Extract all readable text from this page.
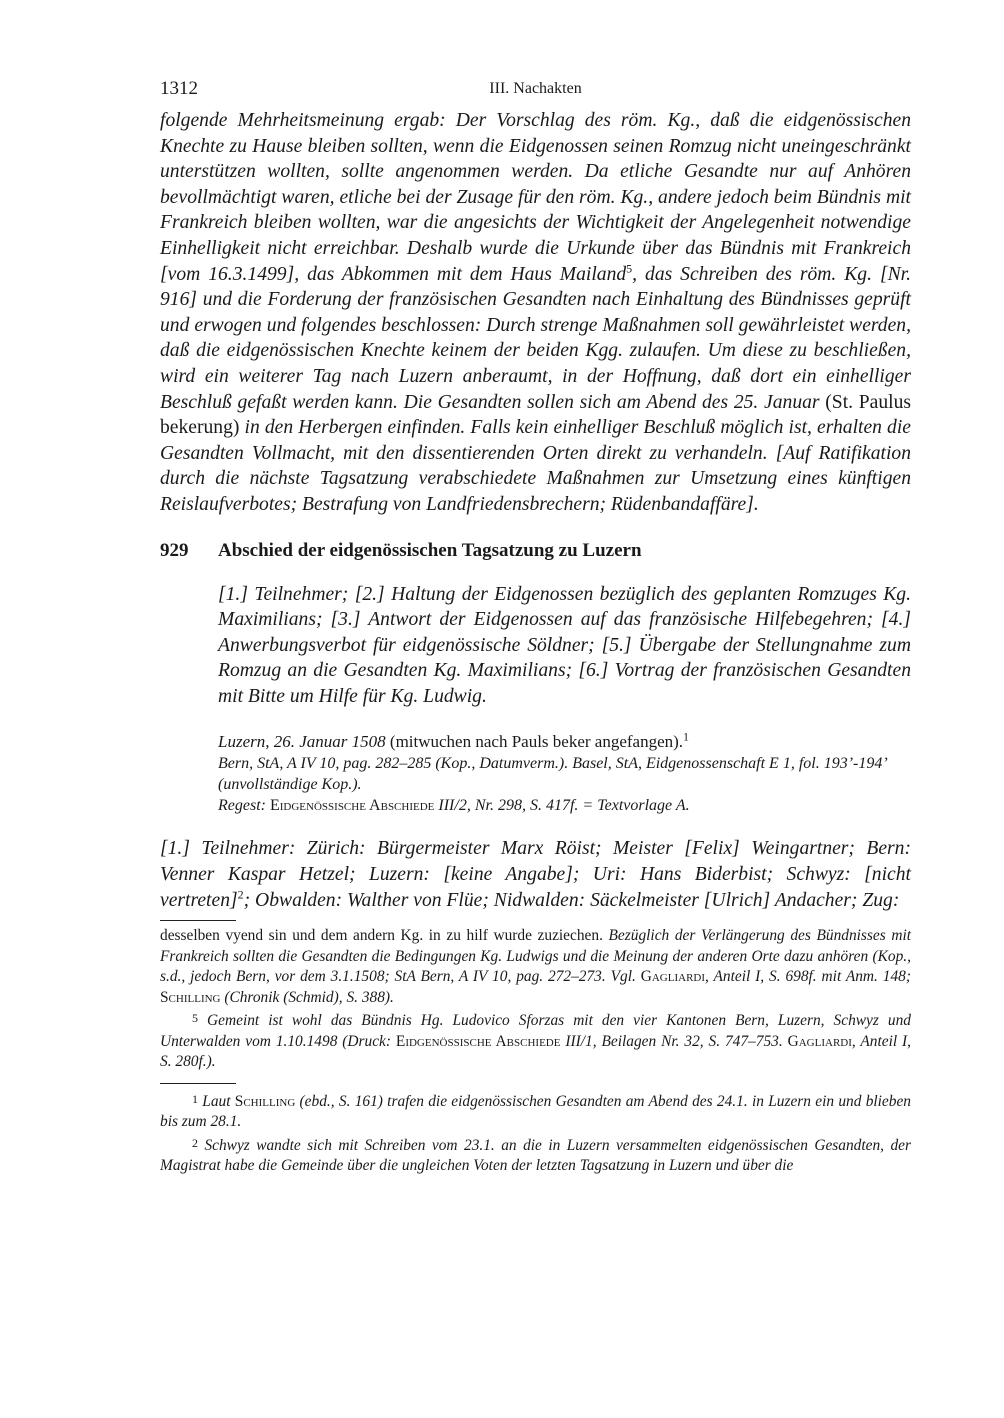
1312	III. Nachakten

folgende Mehrheitsmeinung ergab: Der Vorschlag des röm. Kg., daß die eidgenössischen Knechte zu Hause bleiben sollten, wenn die Eidgenossen seinen Romzug nicht uneingeschränkt unterstützen wollten, sollte angenommen werden. Da etliche Gesandte nur auf Anhören bevollmächtigt waren, etliche bei der Zusage für den röm. Kg., andere jedoch beim Bündnis mit Frankreich bleiben wollten, war die angesichts der Wichtigkeit der Angelegenheit notwendige Einhelligkeit nicht erreichbar. Deshalb wurde die Urkunde über das Bündnis mit Frankreich [vom 16.3.1499], das Abkommen mit dem Haus Mailand$^5$, das Schreiben des röm. Kg. [Nr. 916] und die Forderung der französischen Gesandten nach Einhaltung des Bündnisses geprüft und erwogen und folgendes beschlossen: Durch strenge Maßnahmen soll gewährleistet werden, daß die eidgenössischen Knechte keinem der beiden Kgg. zulaufen. Um diese zu beschließen, wird ein weiterer Tag nach Luzern anberaumt, in der Hoffnung, daß dort ein einhelliger Beschluß gefaßt werden kann. Die Gesandten sollen sich am Abend des 25. Januar (St. Paulus bekerung) in den Herbergen einfinden. Falls kein einhelliger Beschluß möglich ist, erhalten die Gesandten Vollmacht, mit den dissentierenden Orten direkt zu verhandeln. [Auf Ratifikation durch die nächste Tagsatzung verabschiedete Maßnahmen zur Umsetzung eines künftigen Reislaufverbotes; Bestrafung von Landfriedensbrechern; Rüdenbandaffäre].

929	Abschied der eidgenössischen Tagsatzung zu Luzern

[1.] Teilnehmer; [2.] Haltung der Eidgenossen bezüglich des geplanten Romzuges Kg. Maximilians; [3.] Antwort der Eidgenossen auf das französische Hilfebegehren; [4.] Anwerbungsverbot für eidgenössische Söldner; [5.] Übergabe der Stellungnahme zum Romzug an die Gesandten Kg. Maximilians; [6.] Vortrag der französischen Gesandten mit Bitte um Hilfe für Kg. Ludwig.

Luzern, 26. Januar 1508 (mitwuchen nach Pauls beker angefangen).$^1$
Bern, StA, A IV 10, pag. 282–285 (Kop., Datumverm.). Basel, StA, Eidgenossenschaft E 1, fol. 193’-194’ (unvollständige Kop.).
Regest: Eidgenössische Abschiede III/2, Nr. 298, S. 417f. = Textvorlage A.

[1.] Teilnehmer: Zürich: Bürgermeister Marx Röist; Meister [Felix] Weingartner; Bern: Venner Kaspar Hetzel; Luzern: [keine Angabe]; Uri: Hans Biderbist; Schwyz: [nicht vertreten]$^2$; Obwalden: Walther von Flüe; Nidwalden: Säckelmeister [Ulrich] Andacher; Zug:

desselben vyend sin und dem andern Kg. in zu hilf wurde zuziechen. Bezüglich der Verlängerung des Bündnisses mit Frankreich sollten die Gesandten die Bedingungen Kg. Ludwigs und die Meinung der anderen Orte dazu anhören (Kop., s.d., jedoch Bern, vor dem 3.1.1508; StA Bern, A IV 10, pag. 272–273. Vgl. Gagliardi, Anteil I, S. 698f. mit Anm. 148; Schilling (Chronik (Schmid), S. 388).

5 Gemeint ist wohl das Bündnis Hg. Ludovico Sforzas mit den vier Kantonen Bern, Luzern, Schwyz und Unterwalden vom 1.10.1498 (Druck: Eidgenössische Abschiede III/1, Beilagen Nr. 32, S. 747–753. Gagliardi, Anteil I, S. 280f.).

1 Laut Schilling (ebd., S. 161) trafen die eidgenössischen Gesandten am Abend des 24.1. in Luzern ein und blieben bis zum 28.1.

2 Schwyz wandte sich mit Schreiben vom 23.1. an die in Luzern versammelten eidgenössischen Gesandten, der Magistrat habe die Gemeinde über die ungleichen Voten der letzten Tagsatzung in Luzern und über die
